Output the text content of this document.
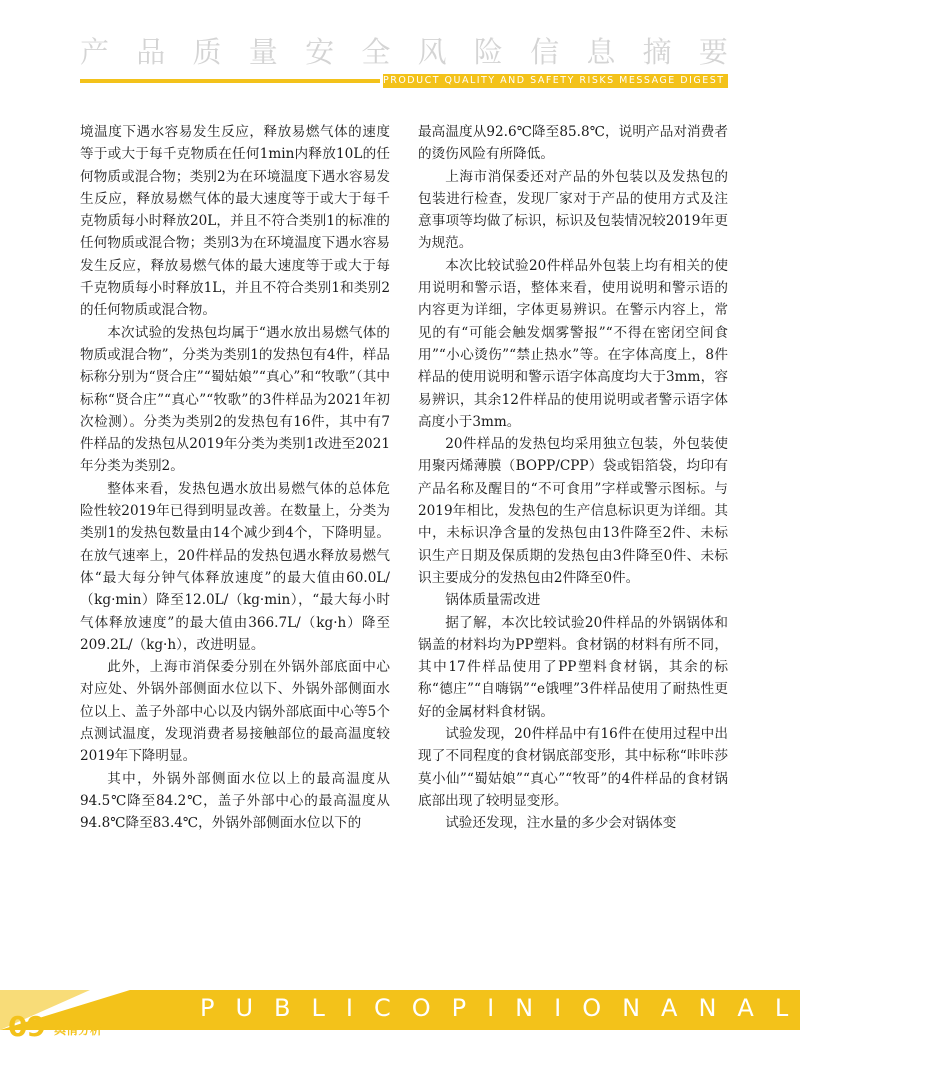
产 品 质 量 安 全 风 险 信 息 摘 要
PRODUCT QUALITY AND SAFETY RISKS MESSAGE DIGEST

境温度下遇水容易发生反应，释放易燃气体的速度等于或大于每千克物质在任何1min内释放10L的任何物质或混合物；类别2为在环境温度下遇水容易发生反应，释放易燃气体的最大速度等于或大于每千克物质每小时释放20L，并且不符合类别1的标准的任何物质或混合物；类别3为在环境温度下遇水容易发生反应，释放易燃气体的最大速度等于或大于每千克物质每小时释放1L，并且不符合类别1和类别2的任何物质或混合物。

本次试验的发热包均属于“遇水放出易燃气体的物质或混合物”，分类为类别1的发热包有4件，样品标称分别为“贤合庄”“蜀姑娘”“真心”和“牧歌”（其中标称“贤合庄”“真心”“牧歌”的3件样品为2021年初次检测）。分类为类别2的发热包有16件，其中有7件样品的发热包从2019年分类为类别1改进至2021年分类为类别2。

整体来看，发热包遇水放出易燃气体的总体危险性较2019年已得到明显改善。在数量上，分类为类别1的发热包数量由14个减少到4个，下降明显。在放气速率上，20件样品的发热包遇水释放易燃气体“最大每分钟气体释放速度”的最大值由60.0L/（kg·min）降至12.0L/（kg·min），“最大每小时气体释放速度”的最大值由366.7L/（kg·h）降至209.2L/（kg·h），改进明显。

此外，上海市消保委分别在外锅外部底面中心对应处、外锅外部侧面水位以下、外锅外部侧面水位以上、盖子外部中心以及内锅外部底面中心等5个点测试温度，发现消费者易接触部位的最高温度较2019年下降明显。

其中，外锅外部侧面水位以上的最高温度从94.5℃降至84.2℃，盖子外部中心的最高温度从94.8℃降至83.4℃，外锅外部侧面水位以下的

最高温度从92.6℃降至85.8℃，说明产品对消费者的烫伤风险有所降低。

上海市消保委还对产品的外包装以及发热包的包装进行检查，发现厂家对于产品的使用方式及注意事项等均做了标识，标识及包装情况较2019年更为规范。

本次比较试验20件样品外包装上均有相关的使用说明和警示语，整体来看，使用说明和警示语的内容更为详细，字体更易辨识。在警示内容上，常见的有“可能会触发烟雾警报”“不得在密闭空间食用”“小心烫伤”“禁止热水”等。在字体高度上，8件样品的使用说明和警示语字体高度均大于3mm，容易辨识，其余12件样品的使用说明或者警示语字体高度小于3mm。

20件样品的发热包均采用独立包装，外包装使用聚丙烯薄膜（BOPP/CPP）袋或铝箔袋，均印有产品名称及醒目的“不可食用”字样或警示图标。与2019年相比，发热包的生产信息标识更为详细。其中，未标识净含量的发热包由13件降至2件、未标识生产日期及保质期的发热包由3件降至0件、未标识主要成分的发热包由2件降至0件。

锅体质量需改进

据了解，本次比较试验20件样品的外锅锅体和锅盖的材料均为PP塑料。食材锅的材料有所不同，其中17件样品使用了PP塑料食材锅，其余的标称“德庄”“自嗨锅”“e饿哩”3件样品使用了耐热性更好的金属材料食材锅。

试验发现，20件样品中有16件在使用过程中出现了不同程度的食材锅底部变形，其中标称“咔咔莎莫小仙”“蜀姑娘”“真心”“牧哥”的4件样品的食材锅底部出现了较明显变形。

试验还发现，注水量的多少会对锅体变

PUBLIC OPINION ANALYSIS
09 舆情分析
